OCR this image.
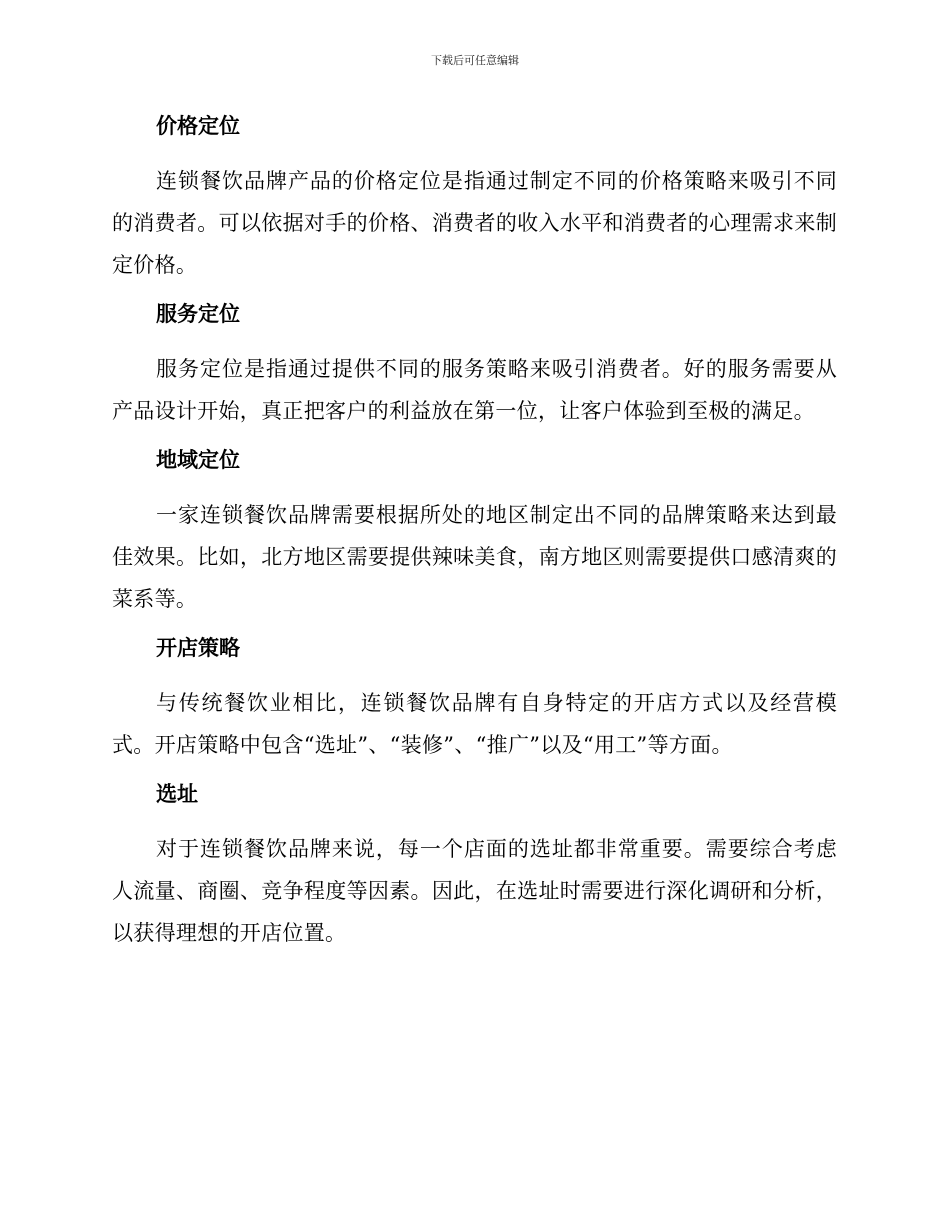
下载后可任意编辑
价格定位

连锁餐饮品牌产品的价格定位是指通过制定不同的价格策略来吸引不同的消费者。可以依据对手的价格、消费者的收入水平和消费者的心理需求来制定价格。

服务定位

服务定位是指通过提供不同的服务策略来吸引消费者。好的服务需要从产品设计开始，真正把客户的利益放在第一位，让客户体验到至极的满足。

地域定位

一家连锁餐饮品牌需要根据所处的地区制定出不同的品牌策略来达到最佳效果。比如，北方地区需要提供辣味美食，南方地区则需要提供口感清爽的菜系等。

开店策略

与传统餐饮业相比，连锁餐饮品牌有自身特定的开店方式以及经营模式。开店策略中包含“选址”、“装修”、“推广”以及“用工”等方面。

选址

对于连锁餐饮品牌来说，每一个店面的选址都非常重要。需要综合考虑人流量、商圈、竞争程度等因素。因此，在选址时需要进行深化调研和分析，以获得理想的开店位置。
